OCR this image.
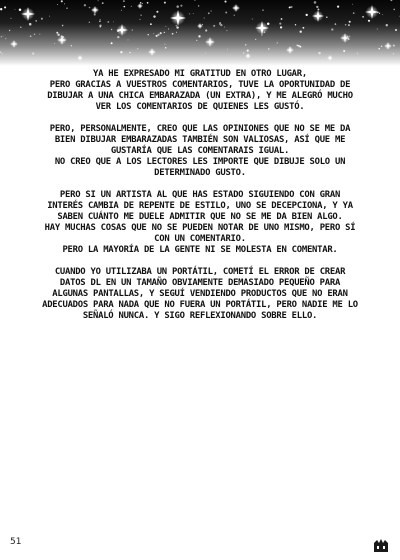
YA HE EXPRESADO MI GRATITUD EN OTRO LUGAR,
PERO GRACIAS A VUESTROS COMENTARIOS, TUVE LA OPORTUNIDAD DE
DIBUJAR A UNA CHICA EMBARAZADA (UN EXTRA), Y ME ALEGRÓ MUCHO
VER LOS COMENTARIOS DE QUIENES LES GUSTÓ.
PERO, PERSONALMENTE, CREO QUE LAS OPINIONES QUE NO SE ME DA
BIEN DIBUJAR EMBARAZADAS TAMBIÉN SON VALIOSAS, ASÍ QUE ME
GUSTARÍA QUE LAS COMENTARAIS IGUAL.
NO CREO QUE A LOS LECTORES LES IMPORTE QUE DIBUJE SOLO UN
DETERMINADO GUSTO.
PERO SI UN ARTISTA AL QUE HAS ESTADO SIGUIENDO CON GRAN
INTERÉS CAMBIA DE REPENTE DE ESTILO, UNO SE DECEPCIONA, Y YA
SABEN CUÁNTO ME DUELE ADMITIR QUE NO SE ME DA BIEN ALGO.
HAY MUCHAS COSAS QUE NO SE PUEDEN NOTAR DE UNO MISMO, PERO SÍ
CON UN COMENTARIO.
PERO LA MAYORÍA DE LA GENTE NI SE MOLESTA EN COMENTAR.
CUANDO YO UTILIZABA UN PORTÁTIL, COMETÍ EL ERROR DE CREAR
DATOS DL EN UN TAMAÑO OBVIAMENTE DEMASIADO PEQUEÑO PARA
ALGUNAS PANTALLAS, Y SEGUÍ VENDIENDO PRODUCTOS QUE NO ERAN
ADECUADOS PARA NADA QUE NO FUERA UN PORTÁTIL, PERO NADIE ME LO
SEÑALÓ NUNCA. Y SIGO REFLEXIONANDO SOBRE ELLO.
51
